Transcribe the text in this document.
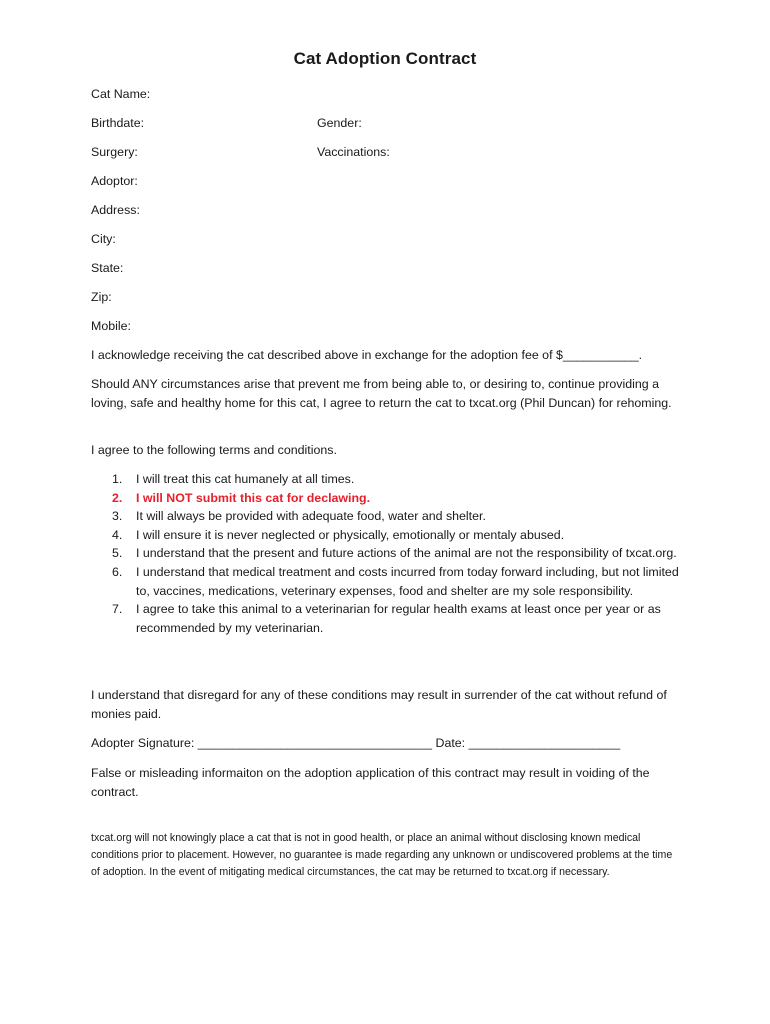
Cat Adoption Contract
Cat Name:
Birthdate:	Gender:
Surgery:	Vaccinations:
Adoptor:
Address:
City:
State:
Zip:
Mobile:

I acknowledge receiving the cat described above in exchange for the adoption fee of $___________.

Should ANY circumstances arise that prevent me from being able to, or desiring to, continue providing a loving, safe and healthy home for this cat, I agree to return the cat to txcat.org (Phil Duncan) for rehoming.

I agree to the following terms and conditions.

1. I will treat this cat humanely at all times.
2. I will NOT submit this cat for declawing.
3. It will always be provided with adequate food, water and shelter.
4. I will ensure it is never neglected or physically, emotionally or mentaly abused.
5. I understand that the present and future actions of the animal are not the responsibility of txcat.org.
6. I understand that medical treatment and costs incurred from today forward including, but not limited to, vaccines, medications, veterinary expenses, food and shelter are my sole responsibility.
7. I agree to take this animal to a veterinarian for regular health exams at least once per year or as recommended by my veterinarian.

I understand that disregard for any of these conditions may result in surrender of the cat without refund of monies paid.

Adopter Signature: __________________________________ Date: ______________________

False or misleading informaiton on the adoption application of this contract may result in voiding of the contract.

txcat.org will not knowingly place a cat that is not in good health, or place an animal without disclosing known medical conditions prior to placement. However, no guarantee is made regarding any unknown or undiscovered problems at the time of adoption. In the event of mitigating medical circumstances, the cat may be returned to txcat.org if necessary.
